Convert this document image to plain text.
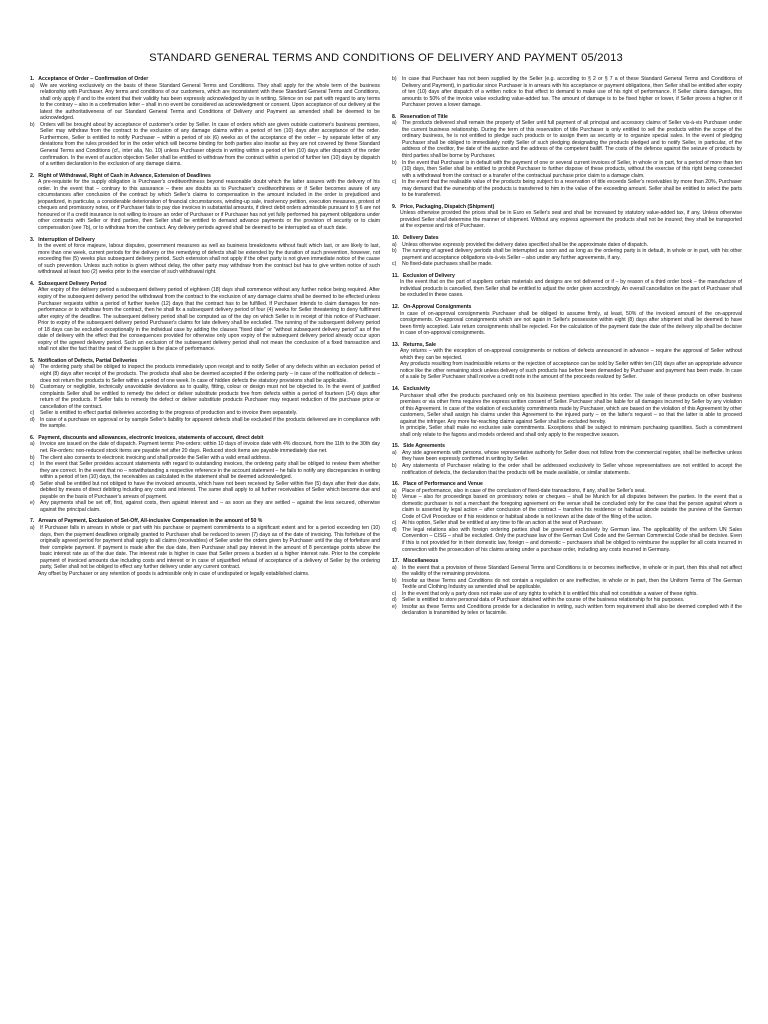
STANDARD GENERAL TERMS AND CONDITIONS OF DELIVERY AND PAYMENT 05/2013
1. Acceptance of Order – Confirmation of Order
a)	We are working exclusively on the basis of these Standard General Terms and Conditions. They shall apply for the whole term of the business relationship with Purchaser. Any terms and conditions of our customers, which are inconsistent with these Standard General Terms and Conditions, shall only apply if and to the extent that their validity has been expressly acknowledged by us in writing. Silence on our part with regard to any terms to the contrary – also in a confirmation letter – shall in no event be considered as acknowledgment or consent. Upon acceptance of our delivery at the latest the authoritativeness of our Standard General Terms and Conditions of Delivery and Payment as amended shall be deemed to be acknowledged.

b)	Orders will be brought about by acceptance of customer's order by Seller. In case of orders which are given outside customer's business premises, Seller may withdraw from the contract to the exclusion of any damage claims within a period of ten (10) days after acceptance of the order. Furthermore, Seller is entitled to notify Purchaser – within a period of six (6) weeks as of the acceptance of the order – by separate letter of any deviations from the rules provided for in the order which will become binding for both parties also insofar as they are not covered by these Standard General Terms and Conditions (cf., inter alia, No. 10) unless Purchaser objects in writing within a period of ten (10) days after dispatch of the order confirmation. In the event of auction objection Seller shall be entitled to withdraw from the contract within a period of further ten (10) days by dispatch of a written declaration to the exclusion of any damage claims.

2. Right of Withdrawal, Right of Cash in Advance, Extension of Deadlines

A pre-requisite for the supply obligation is Purchaser's creditworthiness beyond reasonable doubt which the latter assures with the delivery of his order. In the event that – contrary to this assurance – there are doubts as to Purchaser's creditworthiness or if Seller becomes aware of any circumstances after conclusion of the contract by which Seller's claims to compensation in the amount included in the order is prejudiced and jeopardized, in particular, a considerable deterioration of financial circumstances, winding-up sale, insolvency petition, execution measures, protest of cheques and promissory notes, or if Purchaser fails to pay due invoices in substantial amounts, if direct debit orders admissible pursuant to § 6 are not honoured or if a credit insurance is not willing to insure an order of Purchaser or if Purchaser has not yet fully performed his payment obligations under other contracts with Seller or third parties, then Seller shall be entitled to demand advance payments or the provision of security or to claim compensation (see 7b), or to withdraw from the contract. Any delivery periods agreed shall be deemed to be interrupted as of such date.

3. Interruption of Delivery

In the event of force majeure, labour disputes, government measures as well as business breakdowns without fault which last, or are likely to last, more than one week, current periods for the delivery or the remedying of defects shall be extended by the duration of such prevention, however, not exceeding five (5) weeks plus subsequent delivery period. Such extension shall not apply if the other party is not given immediate notice of the cause of such prevention. Unless such notice is given without delay, the other party may withdraw from the contract but has to give written notice of such withdrawal at least two (2) weeks prior to the exercise of such withdrawal right.

4. Subsequent Delivery Period

After expiry of the delivery period a subsequent delivery period of eighteen (18) days shall commence without any further notice being required. After expiry of the subsequent delivery period the withdrawal from the contract to the exclusion of any damage claims shall be deemed to be effected unless Purchaser requests within a period of further twelve (12) days that the contract has to be fulfilled. If Purchaser intends to claim damages for non-performance or to withdraw from the contract, then he shall fix a subsequent delivery period of four (4) weeks for Seller threatening to deny fulfilment after expiry of the deadline. The subsequent delivery period shall be computed as of the day on which Seller is in receipt of this notice of Purchaser. Prior to expiry of the subsequent delivery period Purchaser's claims for late delivery shall be excluded. The running of the subsequent delivery period of 18 days can be excluded exceptionally in the individual case by adding the clauses "fixed date" or "without subsequent delivery period" as of the date of delivery with the effect that the consequences provided for otherwise only upon expiry of the subsequent delivery period already occur upon expiry of the agreed delivery period. Such an exclusion of the subsequent delivery period shall not mean the conclusion of a fixed transaction and shall not alter the fact that the seat of the supplier is the place of performance.

5. Notification of Defects, Partial Deliveries
a)	The ordering party shall be obliged to inspect the products immediately upon receipt and to notify Seller of any defects within an exclusion period of eight (8) days after receipt of the products. The products shall also be deemed accepted if the ordering party – in case of the notification of defects – does not return the products to Seller within a period of one week. In case of hidden defects the statutory provisions shall be applicable.

b)	Customary or negligible, technically unavoidable deviations as to quality, fitting, colour or design must not be objected to. In the event of justified complaints Seller shall be entitled to remedy the defect or deliver substitute products free from defects within a period of fourteen (14) days after return of the products. If Seller fails to remedy the defect or deliver substitute products Purchaser may request reduction of the purchase price or cancellation of the contract.

c)	Seller is entitled to effect partial deliveries according to the progress of production and to invoice them separately.

d)	In case of a purchase on approval or by sample Seller's liability for apparent defects shall be excluded if the products delivered are in compliance with the sample.

6. Payment, discounts and allowances, electronic invoices, statements of account, direct debit
a)	Invoice are issued on the date of dispatch. Payment terms: Pre-orders: within 10 days of invoice date with 4% discount, from the 11th to the 30th day net. Re-orders: non-reduced stock items are payable net after 20 days. Reduced stock items are payable immediately due net.

b)	The client also consents to electronic invoicing and shall provide the Seller with a valid email address.

c)	In the event that Seller provides account statements with regard to outstanding invoices, the ordering party shall be obliged to review them whether they are correct. In the event that no – notwithstanding a respective reference in the account statement – he fails to notify any discrepancies in writing within a period of ten (10) days, the receivables as calculated in the statement shall be deemed acknowledged.

d)	Seller shall be entitled but not obliged to have the invoiced amounts, which have not been received by Seller within five (5) days after their due date, debited by means of direct debiting including any costs and interest. The same shall apply to all further receivables of Seller which become due and payable on the basis of Purchaser's arrears of payment.

e)	Any payments shall be set off, first, against costs, then against interest and – as soon as they are settled – against the less secured, otherwise against the principal claim.

7. Arrears of Payment, Exclusion of Set-Off, All-inclusive Compensation in the amount of 50 %
a)	If Purchaser falls in arrears in whole or part with his purchase or payment commitments to a significant extent and for a period exceeding ten (10) days, then the payment deadlines originally granted to Purchaser shall be reduced to seven (7) days as of the date of invoicing. This forfeiture of the originally agreed period for payment shall apply to all claims (receivables) of Seller under the orders given by Purchaser until the day of forfeiture and their complete payment. If payment is made after the due date, then Purchaser shall pay interest in the amount of 8 percentage points above the basic interest rate as of the due date. The interest rate is higher in case that Seller proves a burden at a higher interest rate. Prior to the complete payment of invoiced amounts due including costs and interest or in case of unjustified refusal of acceptance of a delivery of Seller by the ordering party, Seller shall not be obliged to effect any further delivery under any current contract.

Any offset by Purchaser or any retention of goods is admissible only in case of undisputed or legally established claims.

b)	In case that Purchaser has not been supplied by the Seller (e.g. according to § 2 or § 7 a of these Standard General Terms and Conditions of Delivery and Payment), in particular since Purchaser is in arrears with his acceptance or payment obligations, then Seller shall be entitled after expiry of ten (10) days after dispatch of a written notice to that effect to demand to make use of his right of performance. If Seller claims damages, this amounts to 50% of the invoice value excluding value-added tax. The amount of damage is to be fixed higher or lower, if Seller proves a higher or if Purchaser proves a lower damage.

8. Reservation of Title
a)	The products delivered shall remain the property of Seller until full payment of all principal and accessory claims of Seller vis-à-vis Purchaser under the current business relationship. During the term of this reservation of title Purchaser is only entitled to sell the products within the scope of the ordinary business, he is not entitled to pledge such products or to assign them as security or to organize special sales. In the event of pledging Purchaser shall be obliged to immediately notify Seller of such pledging designating the products pledged and to notify Seller, in particular, of the address of the creditor, the date of the auction and the address of the competent bailiff. The costs of the defence against the seizure of products by third parties shall be borne by Purchaser.

b)	In the event that Purchaser is in default with the payment of one or several current invoices of Seller, in whole or in part, for a period of more than ten (10) days, then Seller shall be entitled to prohibit Purchaser to further dispose of these products, without the exercise of this right being connected with a withdrawal from the contract or a transfer of the contractual purchase price claim to a damage claim.

c)	In the event that the realisable value of the products being subject to a reservation of title exceeds Seller's receivables by more than 20%, Purchaser may demand that the ownership of the products is transferred to him in the value of the exceeding amount. Seller shall be entitled to select the parts to be transferred.

9. Price, Packaging, Dispatch (Shipment)

Unless otherwise provided the prices shall be in Euro ex Seller's seat and shall be increased by statutory value-added tax, if any. Unless otherwise provided Seller shall determine the manner of shipment. Without any express agreement the products shall not be insured; they shall be transported at the expense and risk of Purchaser.

10. Delivery Dates
a)	Unless otherwise expressly provided the delivery dates specified shall be the approximate dates of dispatch.

b)	The running of agreed delivery periods shall be interrupted as soon and as long as the ordering party is in default, in whole or in part, with his other payment and acceptance obligations vis-à-vis Seller – also under any further agreements, if any.

c)	No fixed-date purchases shall be made.

11. Exclusion of Delivery

In the event that on the part of suppliers certain materials and designs are not delivered or if – by reason of a third order book – the manufacture of individual products is cancelled, then Seller shall be entitled to adjust the order given accordingly. An overall cancellation on the part of Purchaser shall be excluded in these cases.

12. On-Approval Consignments

In case of on-approval consignments Purchaser shall be obliged to assume firmly, at least, 50% of the invoiced amount of the on-approval consignments. On-approval consignments which are not again in Seller's possession within eight (8) days after shipment shall be deemed to have been firmly accepted. Late return consignments shall be rejected. For the calculation of the payment date the date of the delivery slip shall be decisive in case of on-approval consignments.

13. Returns, Sale

Any returns – with the exception of on-approval consignments or notices of defects announced in advance – require the approval of Seller without which they can be rejected.

Any products resulting from inadmissible returns or the rejection of acceptance can be sold by Seller within ten (10) days after an appropriate advance notice like the other remaining stock unless delivery of such products has before been demanded by Purchaser and payment has been made. In case of a sale by Seller Purchaser shall receive a credit note in the amount of the proceeds realized by Seller.

14. Exclusivity

Purchaser shall offer the products purchased only on his business premises specified in his order. The sale of these products on other business premises or via other firms requires the express written consent of Seller. Purchaser shall be liable for all damages incurred by Seller by any violation of this Agreement. In case of the violation of exclusivity commitments made by Purchaser, which are based on the violation of this Agreement by other customers, Seller shall assign his claims under this Agreement to the injured party – on the latter's request – so that the latter is able to proceed against the infringer. Any more far-reaching claims against Seller shall be excluded hereby.

In principle, Seller shall make no exclusive sale commitments. Exceptions shall be subject to minimum purchasing quantities. Such a commitment shall only relate to the fagons and models ordered and shall only apply to the respective season.

15. Side Agreements
a)	Any side agreements with persons, whose representative authority for Seller does not follow from the commercial register, shall be ineffective unless they have been expressly confirmed in writing by Seller.

b)	Any statements of Purchaser relating to the order shall be addressed exclusively to Seller whose representatives are not entitled to accept the notification of defects, the declaration that the products will be made available, or similar statements.

16. Place of Performance and Venue
a)	Place of performance, also in case of the conclusion of fixed-date transactions, if any, shall be Seller's seat.

b)	Venue – also for proceedings based on promissory notes or cheques – shall be Munich for all disputes between the parties. In the event that a domestic purchaser is not a merchant the foregoing agreement on the venue shall be concluded only for the case that the person against whom a claim is asserted by legal action – after conclusion of the contract – transfers his residence or habitual abode outside the purview of the German Code of Civil Procedure or if his residence or habitual abode is not known at the date of the filing of the action.

c)	At his option, Seller shall be entitled at any time to file an action at the seat of Purchaser.

d)	The legal relations also with foreign ordering parties shall be governed exclusively by German law. The applicability of the uniform UN Sales Convention – CISG – shall be excluded. Only the purchase law of the German Civil Code and the German Commercial Code shall be decisive. Even if this is not provided for in their domestic law, foreign – and domestic – purchasers shall be obliged to reimburse the supplier for all costs incurred in connection with the prosecution of his claims arising under a purchase order, including any costs incurred in Germany.

17. Miscellaneous
a)	In the event that a provision of these Standard General Terms and Conditions is or becomes ineffective, in whole or in part, then this shall not affect the validity of the remaining provisions.

b)	Insofar as these Terms and Conditions do not contain a regulation or are ineffective, in whole or in part, then the Uniform Terms of The German Textile and Clothing Industry as amended shall be applicable.

c)	In the event that only a party does not make use of any rights to which it is entitled this shall not constitute a waiver of these rights.

d)	Seller is entitled to store personal data of Purchaser obtained within the course of the business relationship for his purposes.

e)	Insofar as these Terms and Conditions provide for a declaration in writing, such written form requirement shall also be deemed complied with if the declaration is transmitted by telex or facsimile.
